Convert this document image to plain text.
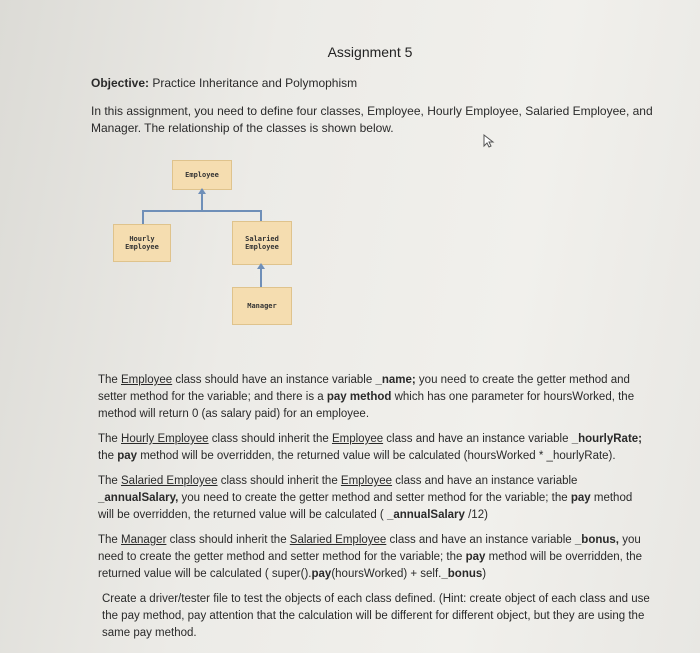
Assignment 5
Objective: Practice Inheritance and Polymophism
In this assignment, you need to define four classes, Employee, Hourly Employee, Salaried Employee, and Manager. The relationship of the classes is shown below.
Employee
Hourly
Employee
Salaried
Employee
Manager
The Employee class should have an instance variable _name; you need to create the getter method and setter method for the variable; and there is a pay method which has one parameter for hoursWorked, the method will return 0 (as salary paid) for an employee.
The Hourly Employee class should inherit the Employee class and have an instance variable _hourlyRate; the pay method will be overridden, the returned value will be calculated (hoursWorked * _hourlyRate).
The Salaried Employee class should inherit the Employee class and have an instance variable _annualSalary, you need to create the getter method and setter method for the variable; the pay method will be overridden, the returned value will be calculated ( _annualSalary /12)
The Manager class should inherit the Salaried Employee class and have an instance variable _bonus, you need to create the getter method and setter method for the variable; the pay method will be overridden, the returned value will be calculated ( super().pay(hoursWorked) + self._bonus)
Create a driver/tester file to test the objects of each class defined. (Hint: create object of each class and use the pay method, pay attention that the calculation will be different for different object, but they are using the same pay method.
